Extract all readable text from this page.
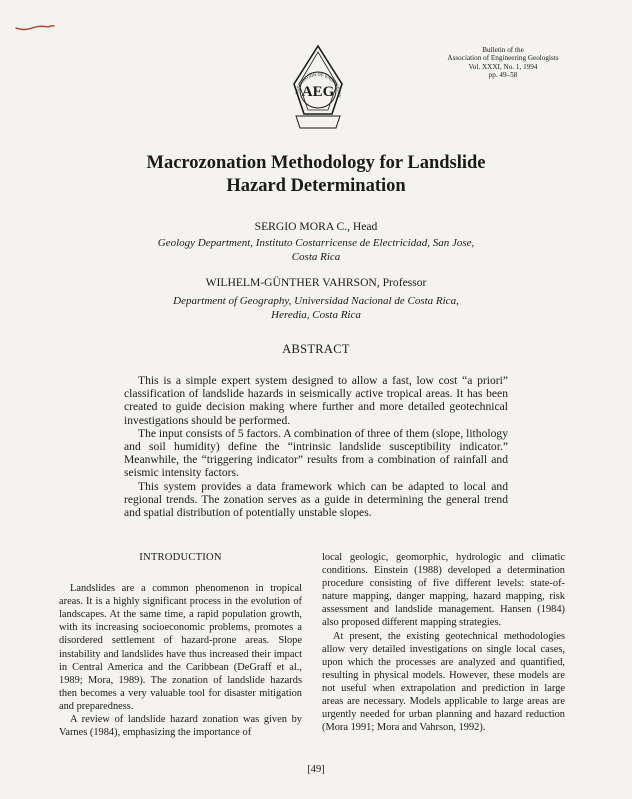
Bulletin of the
Association of Engineering Geologists
Vol. XXXI, No. 1, 1994
pp. 49–58
AEG
ASSOCIATION OF ENGINEERIN
Macrozonation Methodology for Landslide
Hazard Determination
SERGIO MORA C., Head
Geology Department, Instituto Costarricense de Electricidad, San Jose,
Costa Rica
WILHELM-GÜNTHER VAHRSON, Professor
Department of Geography, Universidad Nacional de Costa Rica,
Heredia, Costa Rica
ABSTRACT

This is a simple expert system designed to allow a fast, low cost “a priori” classification of landslide hazards in seismically active tropical areas. It has been created to guide decision making where further and more detailed geotechnical investigations should be performed.

The input consists of 5 factors. A combination of three of them (slope, lithology and soil humidity) define the “intrinsic landslide susceptibility indicator.” Meanwhile, the “triggering indicator” results from a combination of rainfall and seismic intensity factors.

This system provides a data framework which can be adapted to local and regional trends. The zonation serves as a guide in determining the general trend and spatial distribution of potentially unstable slopes.

INTRODUCTION

Landslides are a common phenomenon in tropical areas. It is a highly significant process in the evolution of landscapes. At the same time, a rapid population growth, with its increasing socioeconomic problems, promotes a disordered settlement of hazard-prone areas. Slope instability and landslides have thus increased their impact in Central America and the Caribbean (DeGraff et al., 1989; Mora, 1989). The zonation of landslide hazards then becomes a very valuable tool for disaster mitigation and preparedness.

A review of landslide hazard zonation was given by Varnes (1984), emphasizing the importance of

local geologic, geomorphic, hydrologic and climatic conditions. Einstein (1988) developed a determination procedure consisting of five different levels: state-of-nature mapping, danger mapping, hazard mapping, risk assessment and landslide management. Hansen (1984) also proposed different mapping strategies.

At present, the existing geotechnical methodologies allow very detailed investigations on single local cases, upon which the processes are analyzed and quantified, resulting in physical models. However, these models are not useful when extrapolation and prediction in large areas are necessary. Models applicable to large areas are urgently needed for urban planning and hazard reduction (Mora 1991; Mora and Vahrson, 1992).

[49]
